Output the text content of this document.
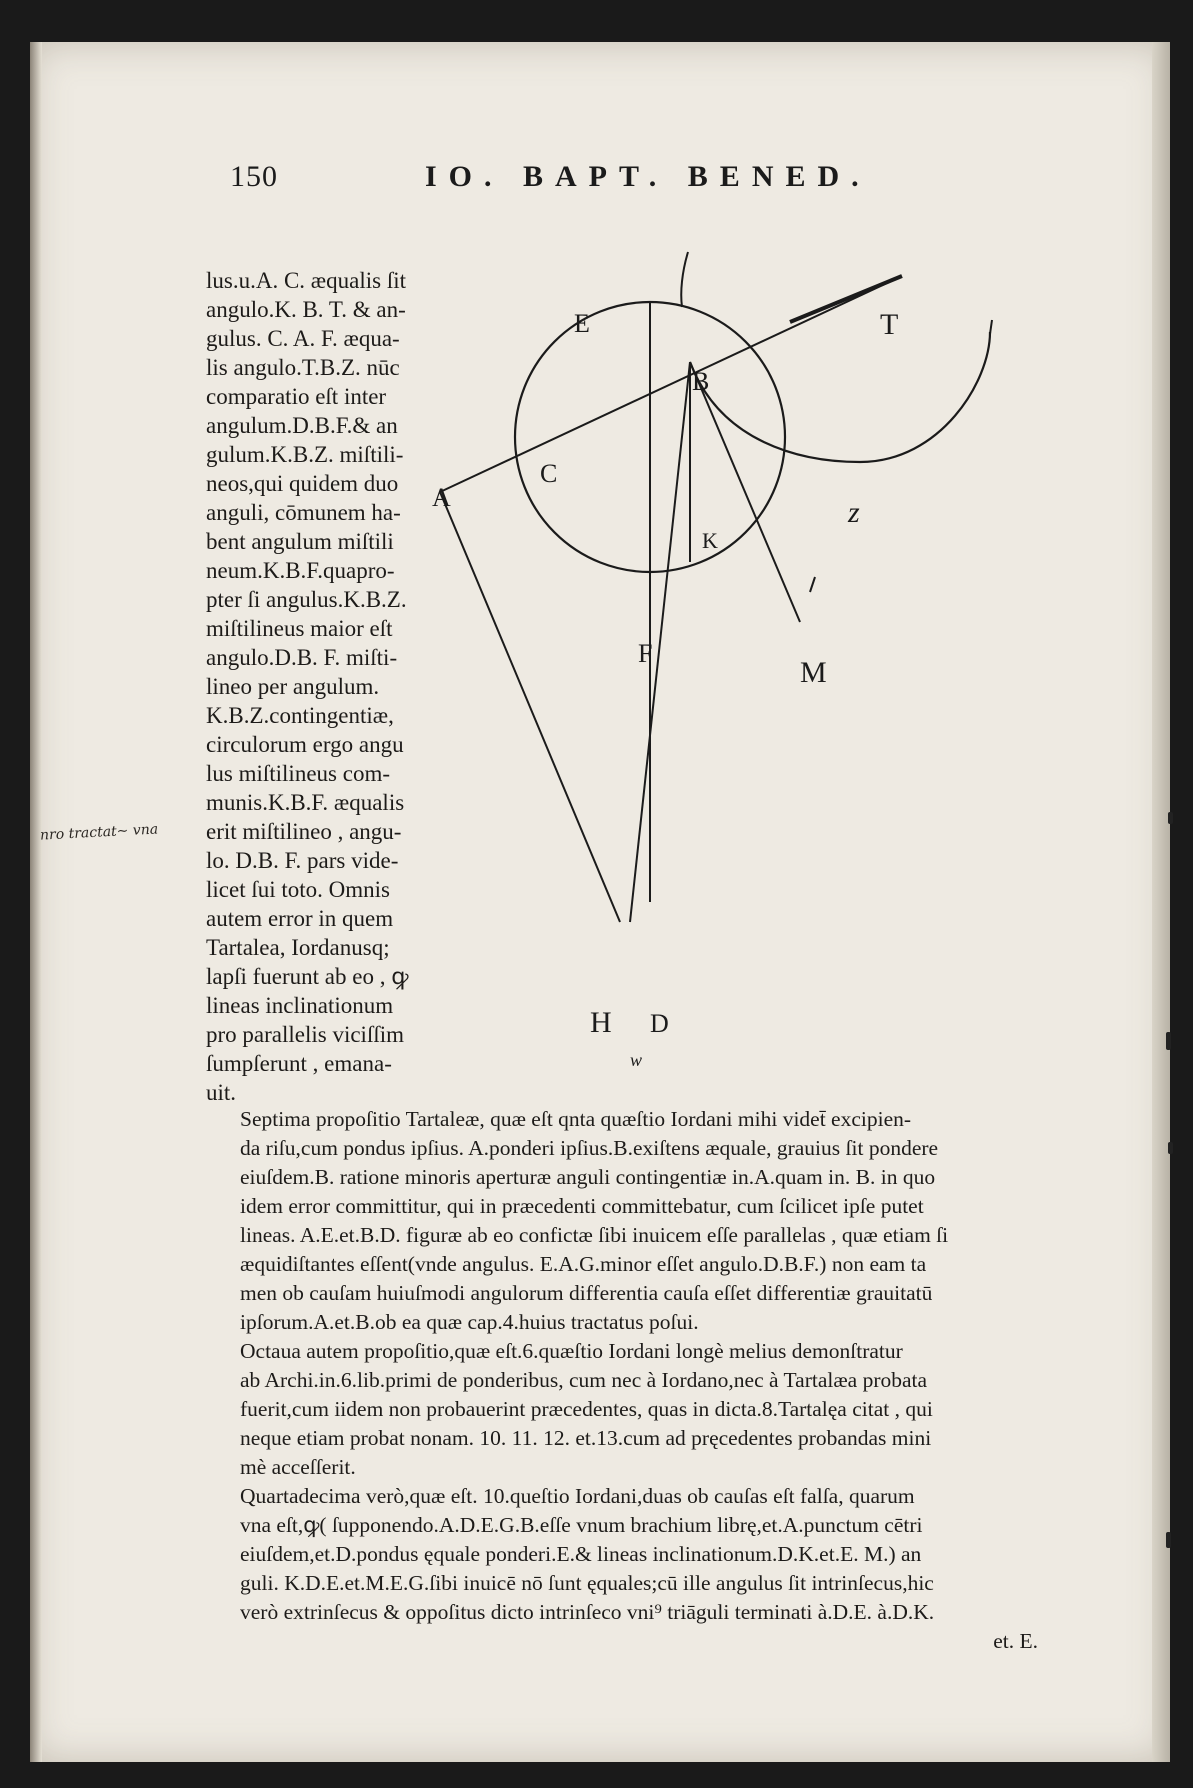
150	IO. BAPT. BENED.
lus.u.A. C. æqualis ſit
angulo.K. B. T. & an-
gulus. C. A. F. æqua-
lis angulo.T.B.Z. nūc
comparatio eſt inter
angulum.D.B.F.& an
gulum.K.B.Z. miſtili-
neos,qui quidem duo
anguli, cōmunem ha-
bent angulum miſtili
neum.K.B.F.quapro-
pter ſi angulus.K.B.Z.
miſtilineus maior eſt
angulo.D.B. F. miſti-
lineo per angulum.
K.B.Z.contingentiæ,
circulorum ergo angu
lus miſtilineus com-
munis.K.B.F. æqualis
erit miſtilineo , angu-
lo. D.B. F. pars vide-
licet ſui toto. Omnis
autem error in quem
Tartalea, Iordanusq;
lapſi fuerunt ab eo , ꝙ
lineas inclinationum
pro parallelis viciſſim
ſumpſerunt , emana-
uit.
nro tractat~ vna
E
B
T
C
A
K
z
F
M
H D
w
Septima propoſitio Tartaleæ, quæ eſt qnta quæſtio Iordani mihi videt̄ excipien-
da riſu,cum pondus ipſius. A.ponderi ipſius.B.exiſtens æquale, grauius ſit pondere
eiuſdem.B. ratione minoris aperturæ anguli contingentiæ in.A.quam in. B. in quo
idem error committitur, qui in præcedenti committebatur, cum ſcilicet ipſe putet
lineas. A.E.et.B.D. figuræ ab eo confictæ ſibi inuicem eſſe parallelas , quæ etiam ſi
æquidiſtantes eſſent(vnde angulus. E.A.G.minor eſſet angulo.D.B.F.) non eam ta
men ob cauſam huiuſmodi angulorum differentia cauſa eſſet differentiæ grauitatū
ipſorum.A.et.B.ob ea quæ cap.4.huius tractatus poſui.
Octaua autem propoſitio,quæ eſt.6.quæſtio Iordani longè melius demonſtratur
ab Archi.in.6.lib.primi de ponderibus, cum nec à Iordano,nec à Tartalæa probata
fuerit,cum iidem non probauerint præcedentes, quas in dicta.8.Tartalęa citat , qui
neque etiam probat nonam. 10. 11. 12. et.13.cum ad pręcedentes probandas mini
mè acceſſerit.
Quartadecima verò,quæ eſt. 10.queſtio Iordani,duas ob cauſas eſt falſa, quarum
vna eſt,ꝙ( ſupponendo.A.D.E.G.B.eſſe vnum brachium librę,et.A.punctum cētri
eiuſdem,et.D.pondus ęquale ponderi.E.& lineas inclinationum.D.K.et.E. M.) an
guli. K.D.E.et.M.E.G.ſibi inuicē nō ſunt ęquales;cū ille angulus ſit intrinſecus,hic
verò extrinſecus & oppoſitus dicto intrinſeco vni⁹ triāguli terminati à.D.E. à.D.K.
et. E.
